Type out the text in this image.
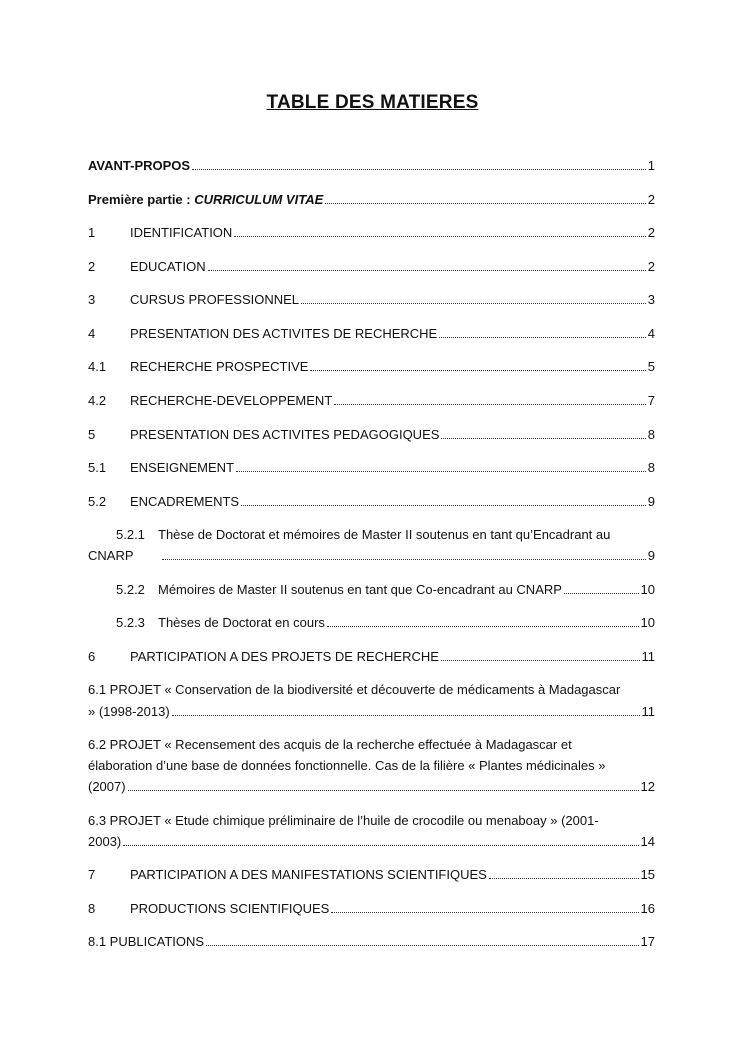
TABLE DES MATIERES
AVANT-PROPOS	1
Première partie : CURRICULUM VITAE	2
1	IDENTIFICATION	2
2	EDUCATION	2
3	CURSUS PROFESSIONNEL	3
4	PRESENTATION DES ACTIVITES DE RECHERCHE	4
4.1	RECHERCHE PROSPECTIVE	5
4.2	RECHERCHE-DEVELOPPEMENT	7
5	PRESENTATION DES ACTIVITES PEDAGOGIQUES	8
5.1	ENSEIGNEMENT	8
5.2	ENCADREMENTS	9
5.2.1 Thèse de Doctorat et mémoires de Master II soutenus en tant qu’Encadrant au
CNARP	9
5.2.2	Mémoires de Master II soutenus en tant que Co-encadrant au CNARP	10
5.2.3	Thèses de Doctorat en cours	10
6	PARTICIPATION A DES PROJETS DE RECHERCHE	11
6.1 PROJET « Conservation de la biodiversité et découverte de médicaments à Madagascar
» (1998-2013)	11
6.2 PROJET « Recensement des acquis de la recherche effectuée à Madagascar et
élaboration d’une base de données fonctionnelle. Cas de la filière « Plantes médicinales »
(2007)	12
6.3 PROJET « Etude chimique préliminaire de l’huile de crocodile ou menaboay » (2001-
2003)	14
7	PARTICIPATION A DES MANIFESTATIONS SCIENTIFIQUES	15
8	PRODUCTIONS SCIENTIFIQUES	16
8.1 PUBLICATIONS	17
